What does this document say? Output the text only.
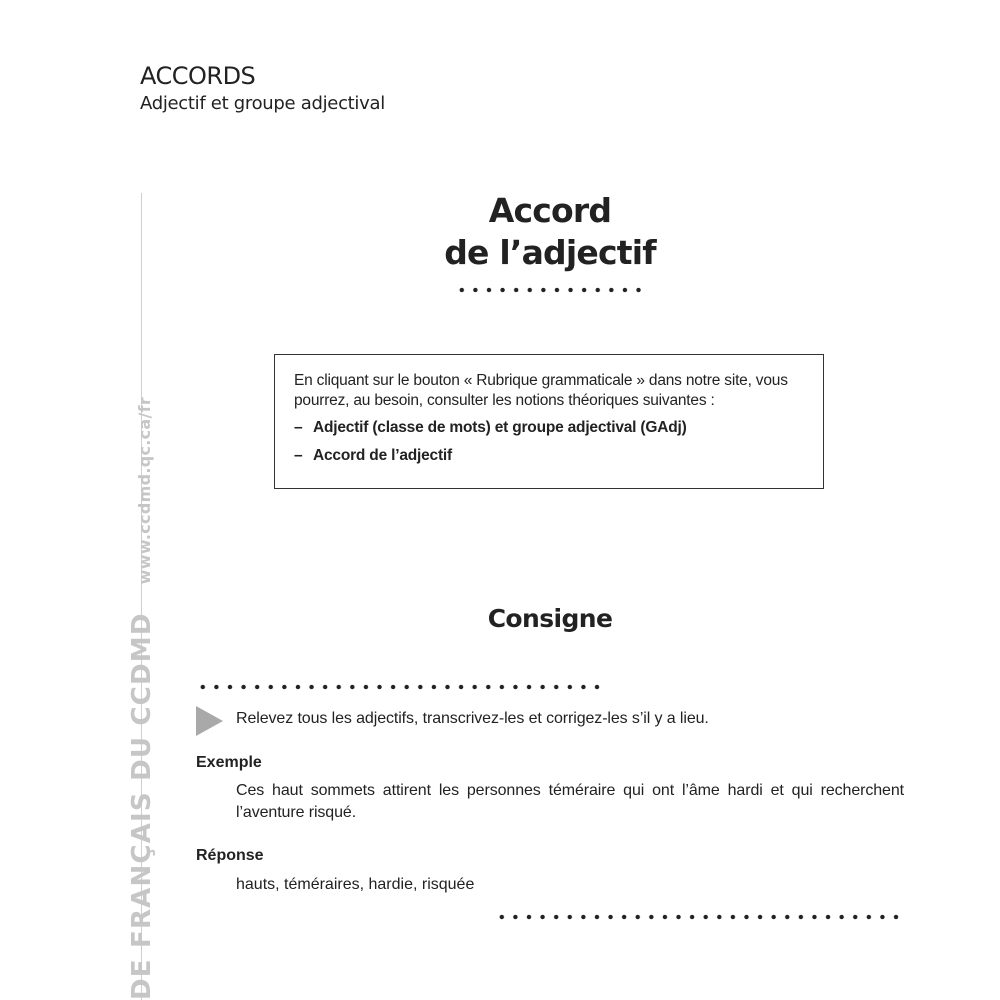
ACCORDS
Adjectif et groupe adjectival
DE FRANÇAIS DU CCDMD
www.ccdmd.qc.ca/fr
Accord
de l’adjectif
En cliquant sur le bouton « Rubrique grammaticale » dans notre site, vous pourrez, au besoin, consulter les notions théoriques suivantes :
– Adjectif (classe de mots) et groupe adjectival (GAdj)
– Accord de l’adjectif
Consigne
Relevez tous les adjectifs, transcrivez-les et corrigez-les s’il y a lieu.
Exemple
Ces haut sommets attirent les personnes téméraire qui ont l’âme hardi et qui recherchent l’aventure risqué.
Réponse
hauts, téméraires, hardie, risquée
